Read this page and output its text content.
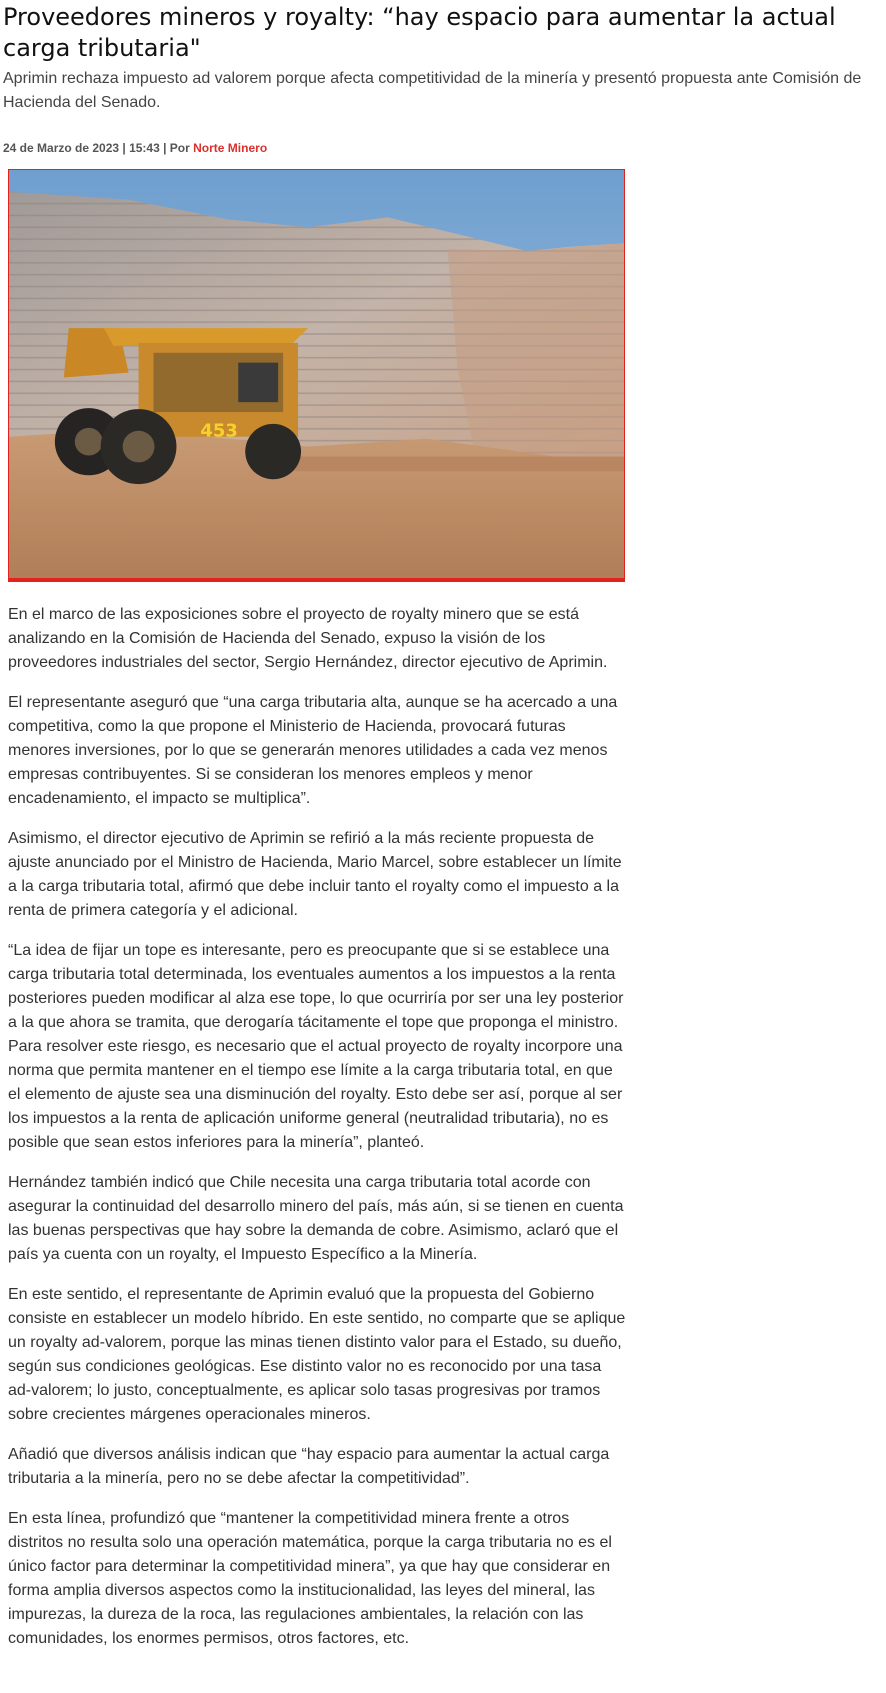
Proveedores mineros y royalty: “hay espacio para aumentar la actual carga tributaria"

Aprimin rechaza impuesto ad valorem porque afecta competitividad de la minería y presentó propuesta ante Comisión de Hacienda del Senado.

24 de Marzo de 2023 | 15:43 | Por Norte Minero

453

En el marco de las exposiciones sobre el proyecto de royalty minero que se está analizando en la Comisión de Hacienda del Senado, expuso la visión de los proveedores industriales del sector, Sergio Hernández, director ejecutivo de Aprimin.

El representante aseguró que “una carga tributaria alta, aunque se ha acercado a una competitiva, como la que propone el Ministerio de Hacienda, provocará futuras menores inversiones, por lo que se generarán menores utilidades a cada vez menos empresas contribuyentes. Si se consideran los menores empleos y menor encadenamiento, el impacto se multiplica”.

Asimismo, el director ejecutivo de Aprimin se refirió a la más reciente propuesta de ajuste anunciado por el Ministro de Hacienda, Mario Marcel, sobre establecer un límite a la carga tributaria total, afirmó que debe incluir tanto el royalty como el impuesto a la renta de primera categoría y el adicional.

“La idea de fijar un tope es interesante, pero es preocupante que si se establece una carga tributaria total determinada, los eventuales aumentos a los impuestos a la renta posteriores pueden modificar al alza ese tope, lo que ocurriría por ser una ley posterior a la que ahora se tramita, que derogaría tácitamente el tope que proponga el ministro. Para resolver este riesgo, es necesario que el actual proyecto de royalty incorpore una norma que permita mantener en el tiempo ese límite a la carga tributaria total, en que el elemento de ajuste sea una disminución del royalty. Esto debe ser así, porque al ser los impuestos a la renta de aplicación uniforme general (neutralidad tributaria), no es posible que sean estos inferiores para la minería”, planteó.

Hernández también indicó que Chile necesita una carga tributaria total acorde con asegurar la continuidad del desarrollo minero del país, más aún, si se tienen en cuenta las buenas perspectivas que hay sobre la demanda de cobre. Asimismo, aclaró que el país ya cuenta con un royalty, el Impuesto Específico a la Minería.

En este sentido, el representante de Aprimin evaluó que la propuesta del Gobierno consiste en establecer un modelo híbrido. En este sentido, no comparte que se aplique un royalty ad-valorem, porque las minas tienen distinto valor para el Estado, su dueño, según sus condiciones geológicas. Ese distinto valor no es reconocido por una tasa ad-valorem; lo justo, conceptualmente, es aplicar solo tasas progresivas por tramos sobre crecientes márgenes operacionales mineros.

Añadió que diversos análisis indican que “hay espacio para aumentar la actual carga tributaria a la minería, pero no se debe afectar la competitividad”.

En esta línea, profundizó que “mantener la competitividad minera frente a otros distritos no resulta solo una operación matemática, porque la carga tributaria no es el único factor para determinar la competitividad minera”, ya que hay que considerar en forma amplia diversos aspectos como la institucionalidad, las leyes del mineral, las impurezas, la dureza de la roca, las regulaciones ambientales, la relación con las comunidades, los enormes permisos, otros factores, etc.
